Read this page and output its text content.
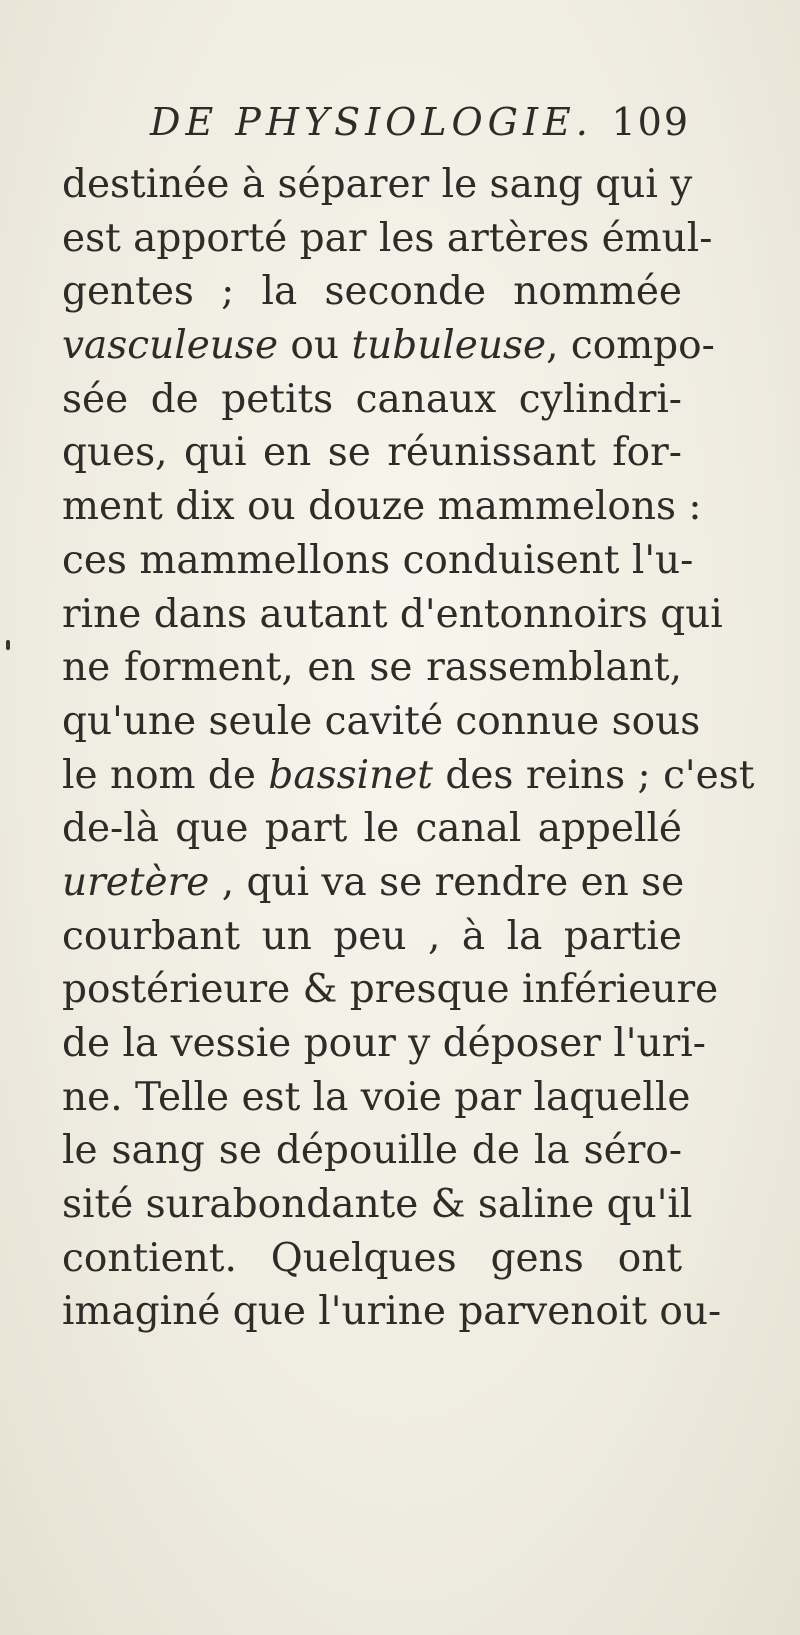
DE PHYSIOLOGIE. 109
destinée à séparer le sang qui y
est apporté par les artères émul-
gentes ; la seconde nommée
vasculeuse ou tubuleuse, compo-
sée de petits canaux cylindri-
ques, qui en se réunissant for-
ment dix ou douze mammelons :
ces mammellons conduisent l'u-
rine dans autant d'entonnoirs qui
ne forment, en se rassemblant,
qu'une seule cavité connue sous
le nom de bassinet des reins ; c'est
de-là que part le canal appellé
uretère , qui va se rendre en se
courbant un peu , à la partie
postérieure & presque inférieure
de la vessie pour y déposer l'uri-
ne. Telle est la voie par laquelle
le sang se dépouille de la séro-
sité surabondante & saline qu'il
contient. Quelques gens ont
imaginé que l'urine parvenoit ou-
